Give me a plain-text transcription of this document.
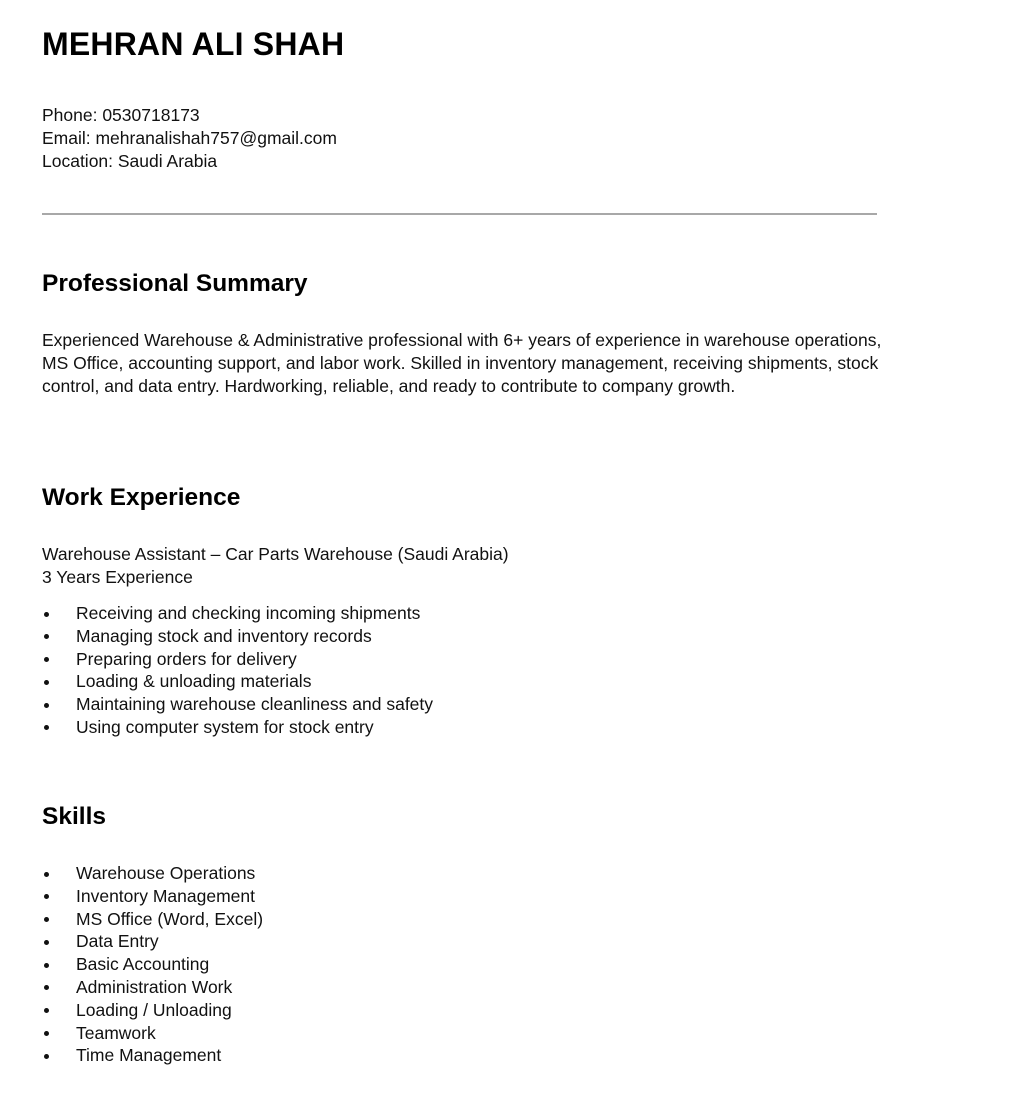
MEHRAN ALI SHAH
Phone: 0530718173
Email: mehranalishah757@gmail.com
Location: Saudi Arabia
Professional Summary

Experienced Warehouse & Administrative professional with 6+ years of experience in warehouse operations, MS Office, accounting support, and labor work. Skilled in inventory management, receiving shipments, stock control, and data entry. Hardworking, reliable, and ready to contribute to company growth.

Work Experience
Warehouse Assistant – Car Parts Warehouse (Saudi Arabia)
3 Years Experience
Receiving and checking incoming shipments
Managing stock and inventory records
Preparing orders for delivery
Loading & unloading materials
Maintaining warehouse cleanliness and safety
Using computer system for stock entry
Skills
Warehouse Operations
Inventory Management
MS Office (Word, Excel)
Data Entry
Basic Accounting
Administration Work
Loading / Unloading
Teamwork
Time Management
